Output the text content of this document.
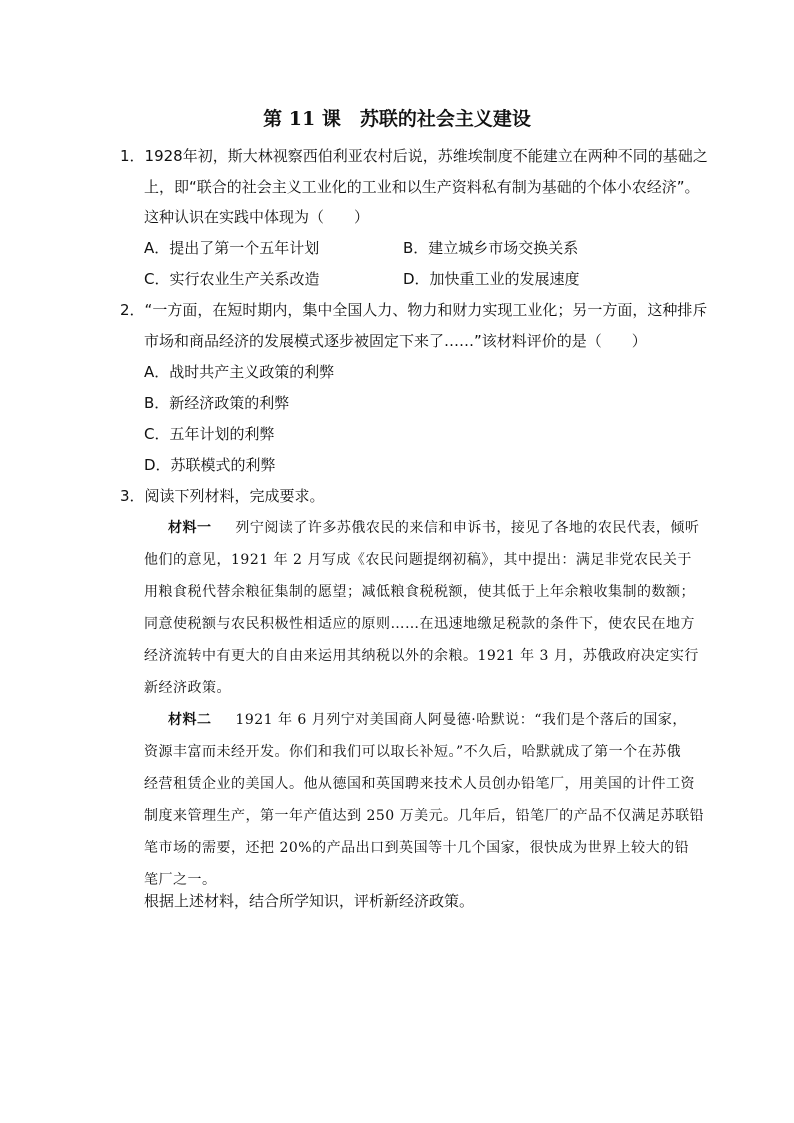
第 11 课　苏联的社会主义建设
1．1928年初，斯大林视察西伯利亚农村后说，苏维埃制度不能建立在两种不同的基础之
上，即“联合的社会主义工业化的工业和以生产资料私有制为基础的个体小农经济”。
这种认识在实践中体现为（　　）
A．提出了第一个五年计划	B．建立城乡市场交换关系
C．实行农业生产关系改造	D．加快重工业的发展速度
2．“一方面，在短时期内，集中全国人力、物力和财力实现工业化；另一方面，这种排斥
市场和商品经济的发展模式逐步被固定下来了……”该材料评价的是（　　）
A．战时共产主义政策的利弊
B．新经济政策的利弊
C．五年计划的利弊
D．苏联模式的利弊
3．阅读下列材料，完成要求。
材料一 列宁阅读了许多苏俄农民的来信和申诉书，接见了各地的农民代表，倾听
他们的意见，1921 年 2 月写成《农民问题提纲初稿》，其中提出：满足非党农民关于
用粮食税代替余粮征集制的愿望；减低粮食税税额，使其低于上年余粮收集制的数额；
同意使税额与农民积极性相适应的原则……在迅速地缴足税款的条件下，使农民在地方
经济流转中有更大的自由来运用其纳税以外的余粮。1921 年 3 月，苏俄政府决定实行
新经济政策。
材料二 1921 年 6 月列宁对美国商人阿曼德·哈默说：“我们是个落后的国家，
资源丰富而未经开发。你们和我们可以取长补短。”不久后，哈默就成了第一个在苏俄
经营租赁企业的美国人。他从德国和英国聘来技术人员创办铅笔厂，用美国的计件工资
制度来管理生产，第一年产值达到 250 万美元。几年后，铅笔厂的产品不仅满足苏联铅
笔市场的需要，还把 20%的产品出口到英国等十几个国家，很快成为世界上较大的铅
笔厂之一。
根据上述材料，结合所学知识，评析新经济政策。
